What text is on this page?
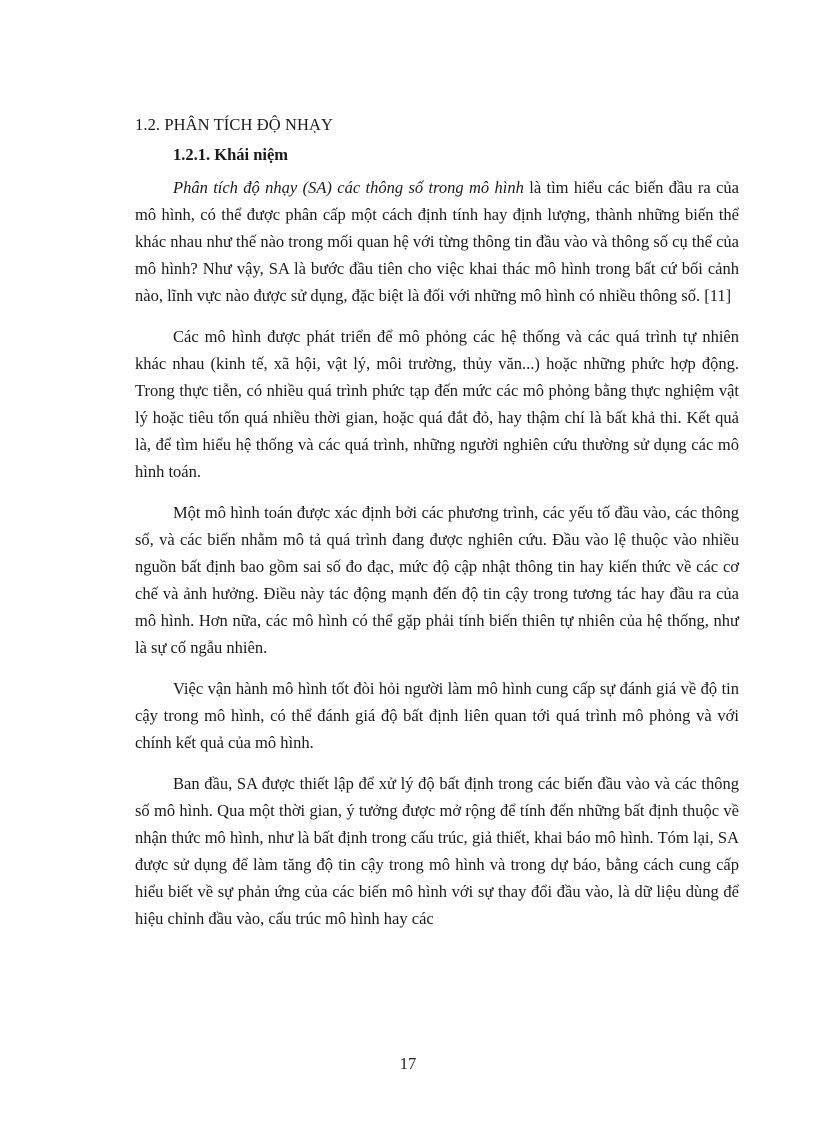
1.2. PHÂN TÍCH ĐỘ NHẠY
1.2.1. Khái niệm

Phân tích độ nhạy (SA) các thông số trong mô hình là tìm hiểu các biến đầu ra của mô hình, có thể được phân cấp một cách định tính hay định lượng, thành những biến thể khác nhau như thế nào trong mối quan hệ với từng thông tin đầu vào và thông số cụ thể của mô hình? Như vậy, SA là bước đầu tiên cho việc khai thác mô hình trong bất cứ bối cảnh nào, lĩnh vực nào được sử dụng, đặc biệt là đối với những mô hình có nhiều thông số. [11]

Các mô hình được phát triển để mô phỏng các hệ thống và các quá trình tự nhiên khác nhau (kinh tế, xã hội, vật lý, môi trường, thủy văn...) hoặc những phức hợp động. Trong thực tiễn, có nhiều quá trình phức tạp đến mức các mô phỏng bằng thực nghiệm vật lý hoặc tiêu tốn quá nhiều thời gian, hoặc quá đắt đỏ, hay thậm chí là bất khả thi. Kết quả là, để tìm hiểu hệ thống và các quá trình, những người nghiên cứu thường sử dụng các mô hình toán.

Một mô hình toán được xác định bởi các phương trình, các yếu tố đầu vào, các thông số, và các biến nhằm mô tả quá trình đang được nghiên cứu. Đầu vào lệ thuộc vào nhiều nguồn bất định bao gồm sai số đo đạc, mức độ cập nhật thông tin hay kiến thức về các cơ chế và ảnh hưởng. Điều này tác động mạnh đến độ tin cậy trong tương tác hay đầu ra của mô hình. Hơn nữa, các mô hình có thể gặp phải tính biến thiên tự nhiên của hệ thống, như là sự cố ngẫu nhiên.

Việc vận hành mô hình tốt đòi hỏi người làm mô hình cung cấp sự đánh giá về độ tin cậy trong mô hình, có thể đánh giá độ bất định liên quan tới quá trình mô phỏng và với chính kết quả của mô hình.

Ban đầu, SA được thiết lập để xử lý độ bất định trong các biến đầu vào và các thông số mô hình. Qua một thời gian, ý tưởng được mở rộng để tính đến những bất định thuộc về nhận thức mô hình, như là bất định trong cấu trúc, giả thiết, khai báo mô hình. Tóm lại, SA được sử dụng để làm tăng độ tin cậy trong mô hình và trong dự báo, bằng cách cung cấp hiểu biết về sự phản ứng của các biến mô hình với sự thay đổi đầu vào, là dữ liệu dùng để hiệu chỉnh đầu vào, cấu trúc mô hình hay các

17
